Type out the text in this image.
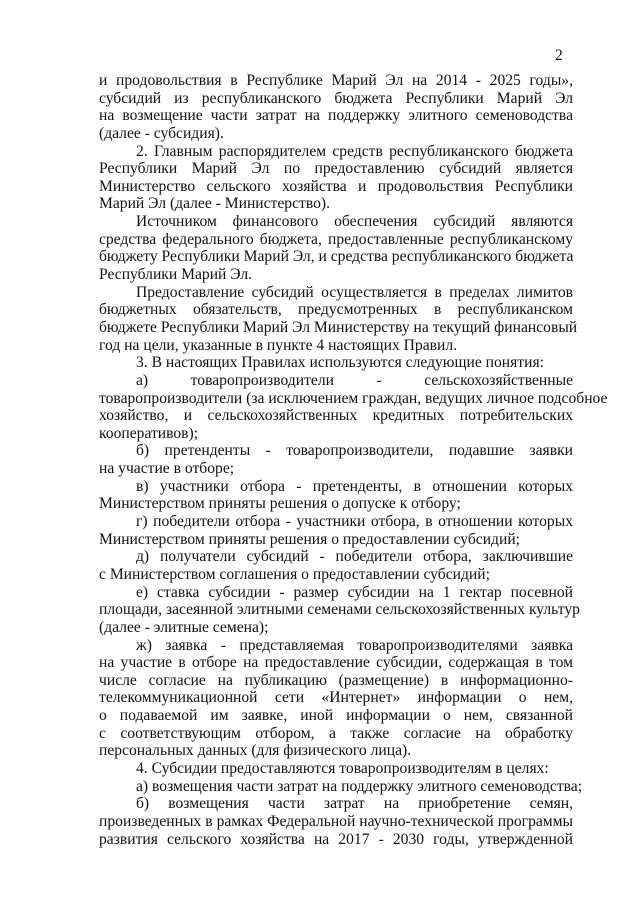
2
и продовольствия в Республике Марий Эл на 2014 - 2025 годы»,
субсидий из республиканского бюджета Республики Марий Эл
на возмещение части затрат на поддержку элитного семеноводства
(далее - субсидия).
2. Главным распорядителем средств республиканского бюджета
Республики Марий Эл по предоставлению субсидий является
Министерство сельского хозяйства и продовольствия Республики
Марий Эл (далее - Министерство).
Источником финансового обеспечения субсидий являются
средства федерального бюджета, предоставленные республиканскому
бюджету Республики Марий Эл, и средства республиканского бюджета
Республики Марий Эл.
Предоставление субсидий осуществляется в пределах лимитов
бюджетных обязательств, предусмотренных в республиканском
бюджете Республики Марий Эл Министерству на текущий финансовый
год на цели, указанные в пункте 4 настоящих Правил.
3. В настоящих Правилах используются следующие понятия:
а) товаропроизводители - сельскохозяйственные
товаропроизводители (за исключением граждан, ведущих личное подсобное
хозяйство, и сельскохозяйственных кредитных потребительских
кооперативов);
б) претенденты - товаропроизводители, подавшие заявки
на участие в отборе;
в) участники отбора - претенденты, в отношении которых
Министерством приняты решения о допуске к отбору;
г) победители отбора - участники отбора, в отношении которых
Министерством приняты решения о предоставлении субсидий;
д) получатели субсидий - победители отбора, заключившие
с Министерством соглашения о предоставлении субсидий;
е) ставка субсидии - размер субсидии на 1 гектар посевной
площади, засеянной элитными семенами сельскохозяйственных культур
(далее - элитные семена);
ж) заявка - представляемая товаропроизводителями заявка
на участие в отборе на предоставление субсидии, содержащая в том
числе согласие на публикацию (размещение) в информационно-
телекоммуникационной сети «Интернет» информации о нем,
о подаваемой им заявке, иной информации о нем, связанной
с соответствующим отбором, а также согласие на обработку
персональных данных (для физического лица).
4. Субсидии предоставляются товаропроизводителям в целях:
а) возмещения части затрат на поддержку элитного семеноводства;
б) возмещения части затрат на приобретение семян,
произведенных в рамках Федеральной научно-технической программы
развития сельского хозяйства на 2017 - 2030 годы, утвержденной
